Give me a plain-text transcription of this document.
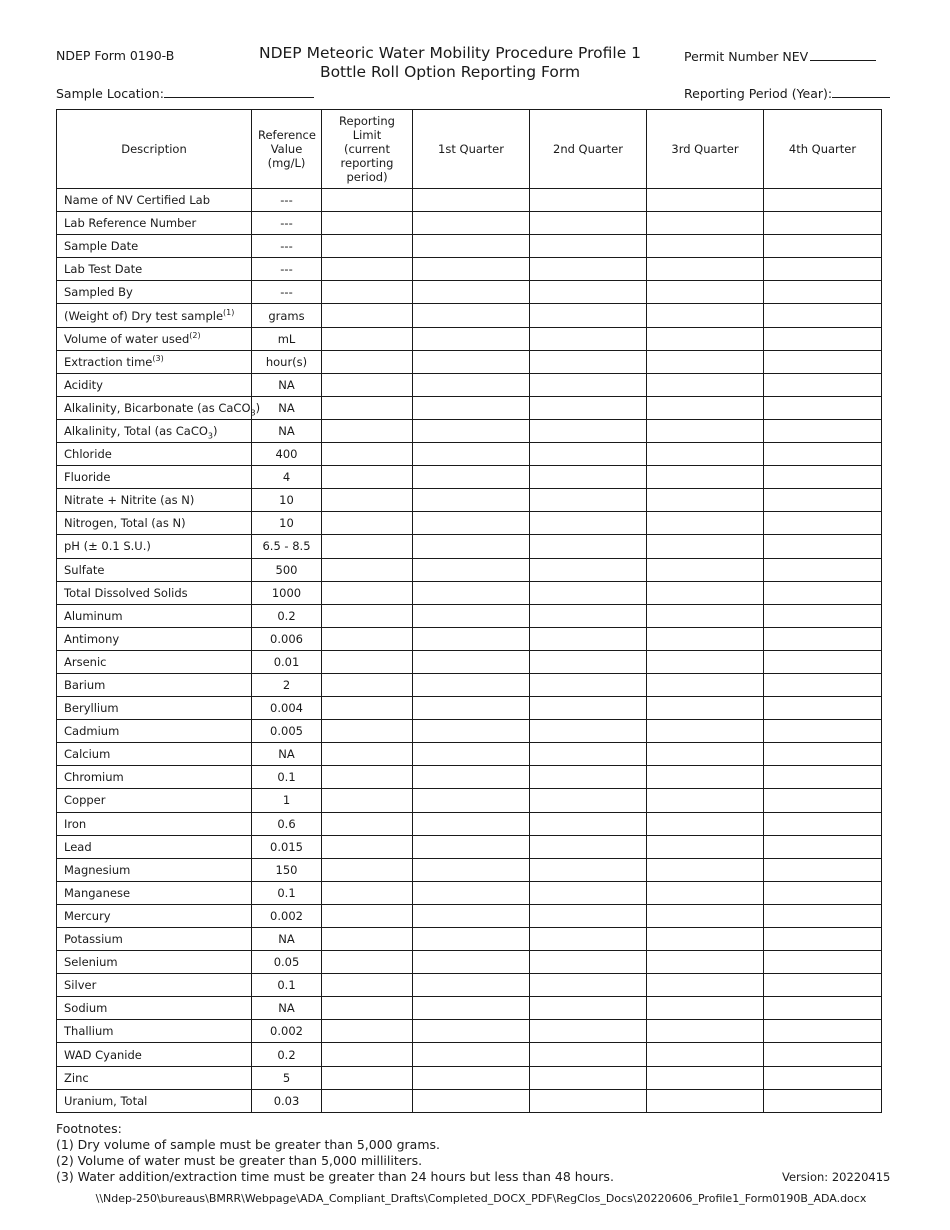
NDEP Form 0190-B	NDEP Meteoric Water Mobility Procedure Profile 1
Bottle Roll Option Reporting Form
Permit Number NEV
Sample Location:	Reporting Period (Year):
Description	Reference Value (mg/L)	Reporting Limit (current reporting period)	1st Quarter	2nd Quarter	3rd Quarter	4th Quarter
Name of NV Certified Lab	---					
Lab Reference Number	---					
Sample Date	---					
Lab Test Date	---					
Sampled By	---					
(Weight of) Dry test sample$^{(1)}$	grams					
Volume of water used$^{(2)}$	mL					
Extraction time$^{(3)}$	hour(s)					
Acidity	NA					
Alkalinity, Bicarbonate (as CaCO$_3$)	NA					
Alkalinity, Total (as CaCO$_3$)	NA					
Chloride	400					
Fluoride	4					
Nitrate + Nitrite (as N)	10					
Nitrogen, Total (as N)	10					
pH (± 0.1 S.U.)	6.5 - 8.5					
Sulfate	500					
Total Dissolved Solids	1000					
Aluminum	0.2					
Antimony	0.006					
Arsenic	0.01					
Barium	2					
Beryllium	0.004					
Cadmium	0.005					
Calcium	NA					
Chromium	0.1					
Copper	1					
Iron	0.6					
Lead	0.015					
Magnesium	150					
Manganese	0.1					
Mercury	0.002					
Potassium	NA					
Selenium	0.05					
Silver	0.1					
Sodium	NA					
Thallium	0.002					
WAD Cyanide	0.2					
Zinc	5					
Uranium, Total	0.03					
Footnotes:
(1) Dry volume of sample must be greater than 5,000 grams.
(2) Volume of water must be greater than 5,000 milliliters.
(3) Water addition/extraction time must be greater than 24 hours but less than 48 hours.	Version: 20220415
\\Ndep-250\bureaus\BMRR\Webpage\ADA_Compliant_Drafts\Completed_DOCX_PDF\RegClos_Docs\20220606_Profile1_Form0190B_ADA.docx
